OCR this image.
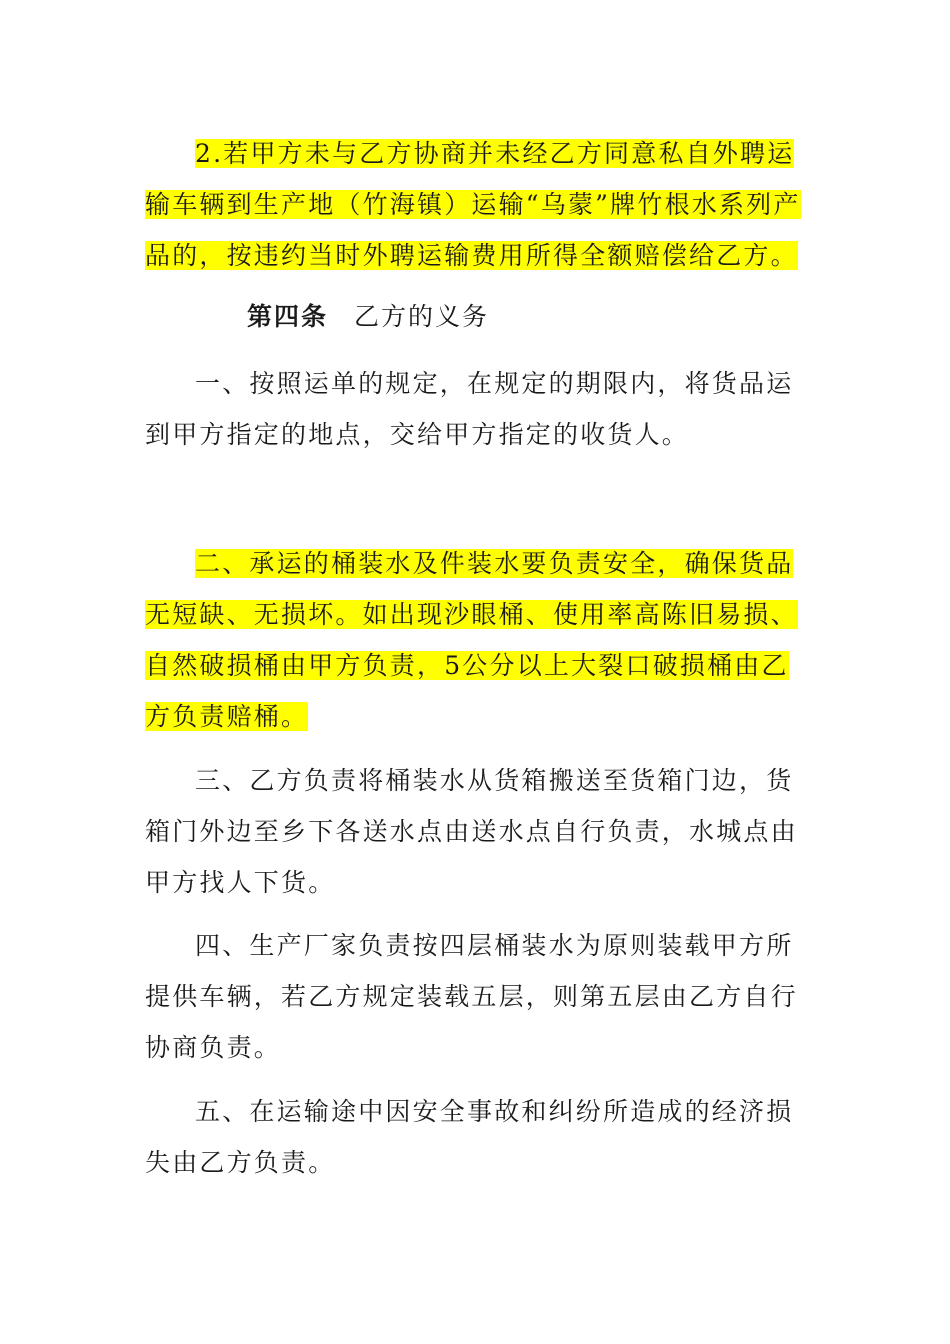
2.若甲方未与乙方协商并未经乙方同意私自外聘运输车辆到生产地（竹海镇）运输“乌蒙”牌竹根水系列产品的，按违约当时外聘运输费用所得全额赔偿给乙方。

第四条 乙方的义务

一、按照运单的规定，在规定的期限内，将货品运到甲方指定的地点，交给甲方指定的收货人。

二、承运的桶装水及件装水要负责安全，确保货品无短缺、无损坏。如出现沙眼桶、使用率高陈旧易损、自然破损桶由甲方负责，5公分以上大裂口破损桶由乙方负责赔桶。

三、乙方负责将桶装水从货箱搬送至货箱门边，货箱门外边至乡下各送水点由送水点自行负责，水城点由甲方找人下货。

四、生产厂家负责按四层桶装水为原则装载甲方所提供车辆，若乙方规定装载五层，则第五层由乙方自行协商负责。

五、在运输途中因安全事故和纠纷所造成的经济损失由乙方负责。
